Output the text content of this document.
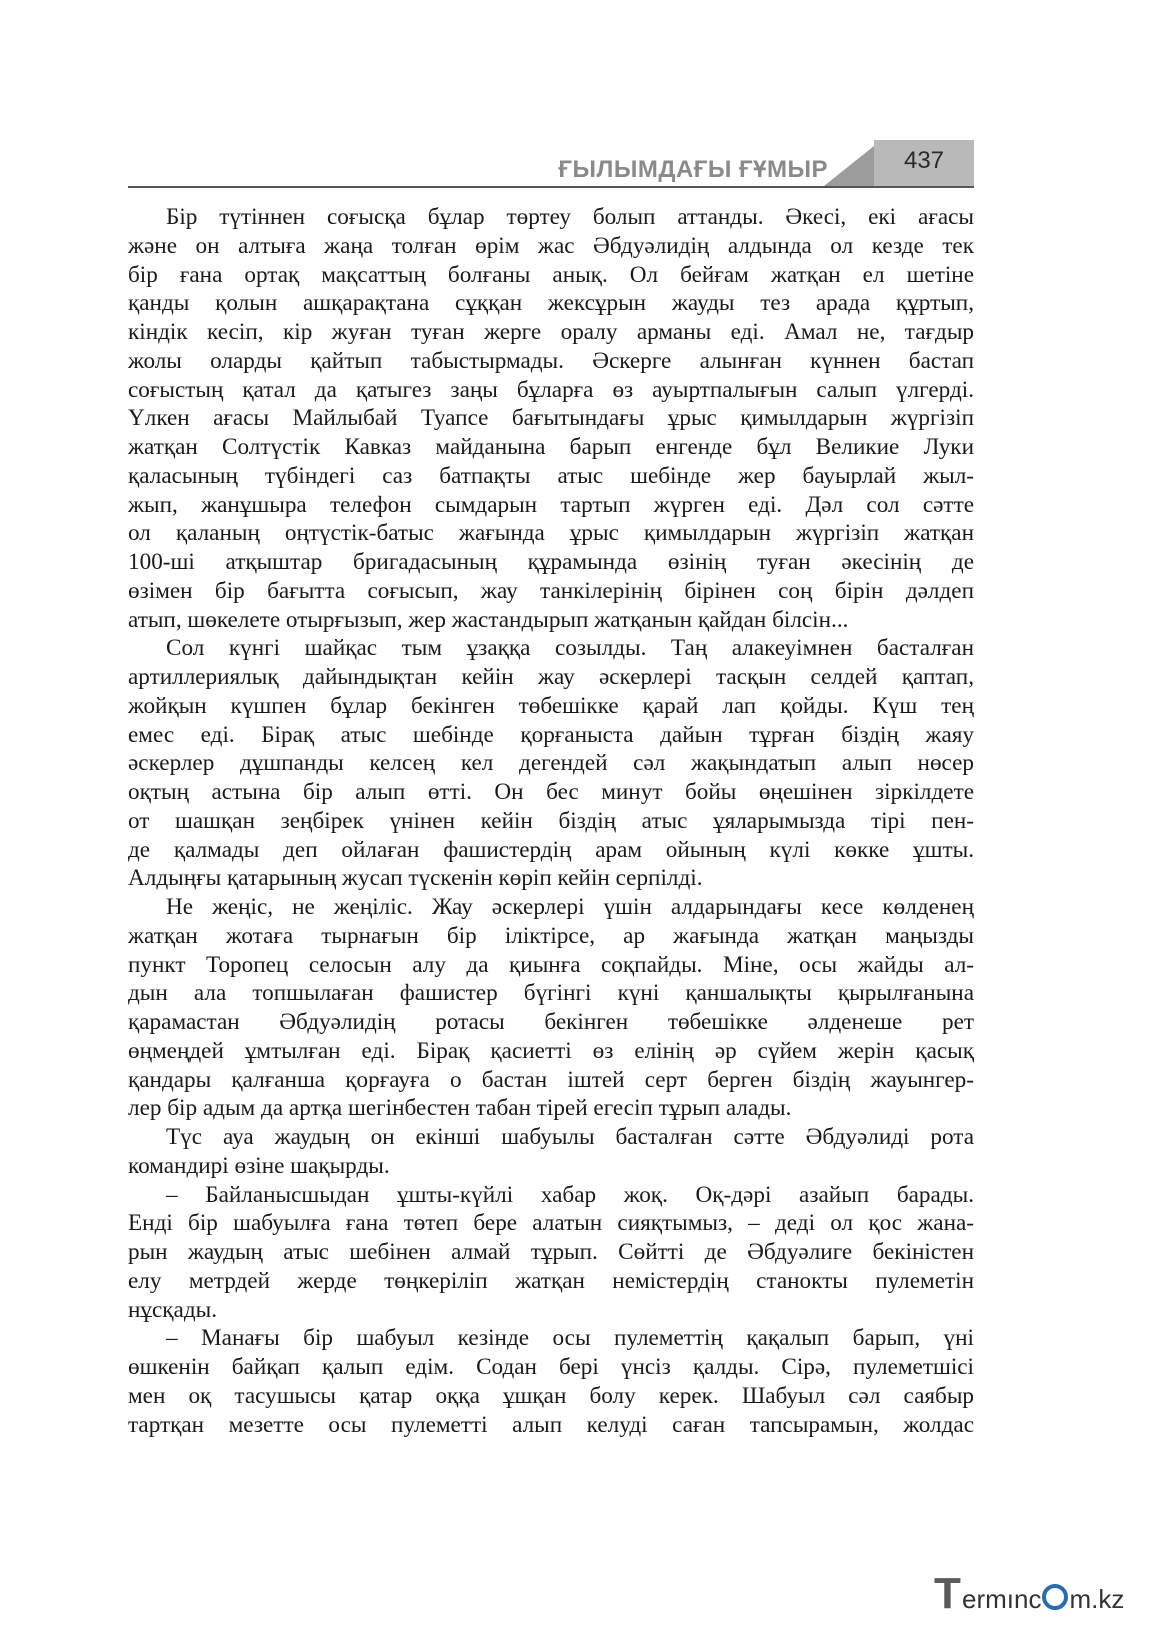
ҒЫЛЫМДАҒЫ ҒҰМЫР	437
Бір түтіннен соғысқа бұлар төртеу болып аттанды. Әкесі, екі ағасы
және он алтыға жаңа толған өрім жас Әбдуәлидің алдында ол кезде тек
бір ғана ортақ мақсаттың болғаны анық. Ол бейғам жатқан ел шетіне
қанды қолын ашқарақтана сұққан жексұрын жауды тез арада құртып,
кіндік кесіп, кір жуған туған жерге оралу арманы еді. Амал не, тағдыр
жолы оларды қайтып табыстырмады. Әскерге алынған күннен бастап
соғыстың қатал да қатыгез заңы бұларға өз ауыртпалығын салып үлгерді.
Үлкен ағасы Майлыбай Туапсе бағытындағы ұрыс қимылдарын жүргізіп
жатқан Солтүстік Кавказ майданына барып енгенде бұл Великие Луки
қаласының түбіндегі саз батпақты атыс шебінде жер бауырлай жыл-
жып, жанұшыра телефон сымдарын тартып жүрген еді. Дәл сол сәтте
ол қаланың оңтүстік-батыс жағында ұрыс қимылдарын жүргізіп жатқан
100-ші атқыштар бригадасының құрамында өзінің туған әкесінің де
өзімен бір бағытта соғысып, жау танкілерінің бірінен соң бірін дәлдеп
атып, шөкелете отырғызып, жер жастандырып жатқанын қайдан білсін...
Сол күнгі шайқас тым ұзаққа созылды. Таң алакеуімнен басталған
артиллериялық дайындықтан кейін жау әскерлері тасқын селдей қаптап,
жойқын күшпен бұлар бекінген төбешікке қарай лап қойды. Күш тең
емес еді. Бірақ атыс шебінде қорғаныста дайын тұрған біздің жаяу
әскерлер дұшпанды келсең кел дегендей сәл жақындатып алып нөсер
оқтың астына бір алып өтті. Он бес минут бойы өңешінен зіркілдете
от шашқан зеңбірек үнінен кейін біздің атыс ұяларымызда тірі пен-
де қалмады деп ойлаған фашистердің арам ойының күлі көкке ұшты.
Алдыңғы қатарының жусап түскенін көріп кейін серпілді.
Не жеңіс, не жеңіліс. Жау әскерлері үшін алдарындағы кесе көлденең
жатқан жотаға тырнағын бір іліктірсе, ар жағында жатқан маңызды
пункт Торопец селосын алу да қиынға соқпайды. Міне, осы жайды ал-
дын ала топшылаған фашистер бүгінгі күні қаншалықты қырылғанына
қарамастан Әбдуәлидің ротасы бекінген төбешікке әлденеше рет
өңмеңдей ұмтылған еді. Бірақ қасиетті өз елінің әр сүйем жерін қасық
қандары қалғанша қорғауға о бастан іштей серт берген біздің жауынгер-
лер бір адым да артқа шегінбестен табан тірей егесіп тұрып алады.
Түс ауа жаудың он екінші шабуылы басталған сәтте Әбдуәлиді рота
командирі өзіне шақырды.
– Байланысшыдан ұшты-күйлі хабар жоқ. Оқ-дәрі азайып барады.
Енді бір шабуылға ғана төтеп бере алатын сияқтымыз, – деді ол қос жана-
рын жаудың атыс шебінен алмай тұрып. Сөйтті де Әбдуәлиге бекіністен
елу метрдей жерде төңкеріліп жатқан немістердің станокты пулеметін
нұсқады.
– Манағы бір шабуыл кезінде осы пулеметтің қақалып барып, үні
өшкенін байқап қалып едім. Содан бері үнсіз қалды. Сірә, пулеметшісі
мен оқ тасушысы қатар оққа ұшқан болу керек. Шабуыл сәл саябыр
тартқан мезетте осы пулеметті алып келуді саған тапсырамын, жолдас
T ermınc m.kz
